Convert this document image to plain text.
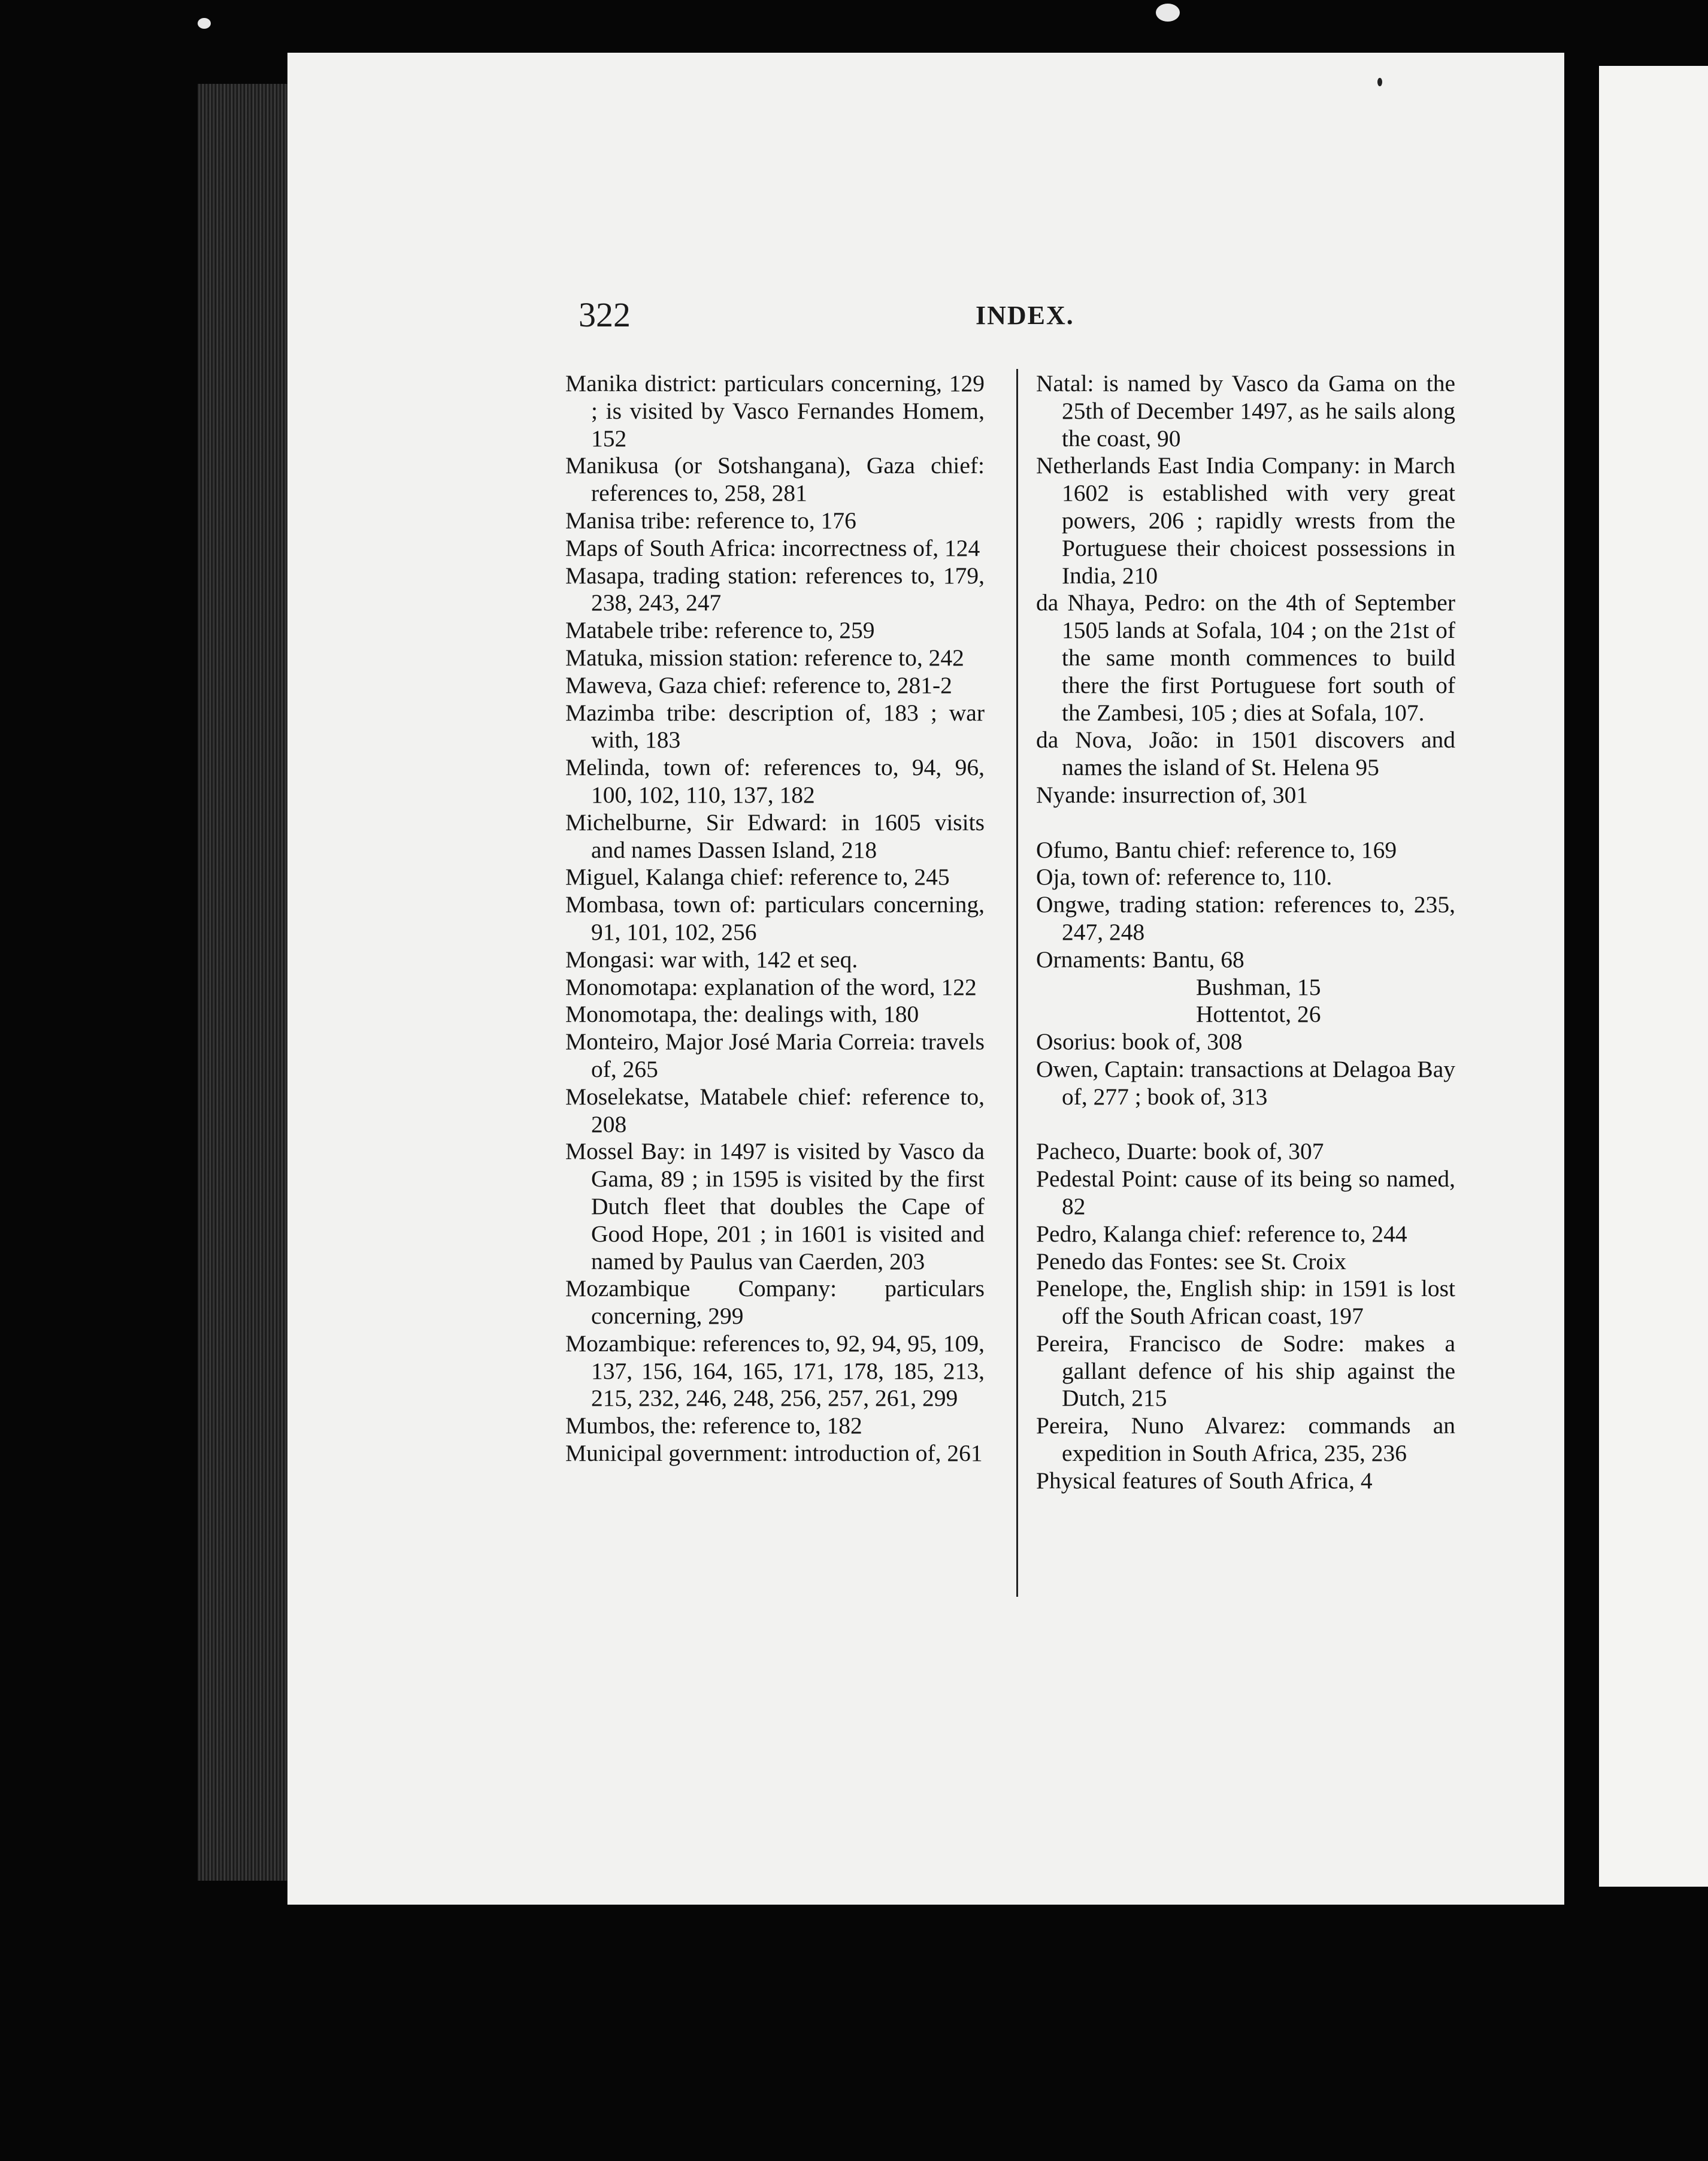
322	INDEX.

Manika district: particulars concerning, 129 ; is visited by Vasco Fernandes Homem, 152

Manikusa (or Sotshangana), Gaza chief: references to, 258, 281

Manisa tribe: reference to, 176

Maps of South Africa: incorrectness of, 124

Masapa, trading station: references to, 179, 238, 243, 247

Matabele tribe: reference to, 259

Matuka, mission station: reference to, 242

Maweva, Gaza chief: reference to, 281-2

Mazimba tribe: description of, 183 ; war with, 183

Melinda, town of: references to, 94, 96, 100, 102, 110, 137, 182

Michelburne, Sir Edward: in 1605 visits and names Dassen Island, 218

Miguel, Kalanga chief: reference to, 245

Mombasa, town of: particulars concerning, 91, 101, 102, 256

Mongasi: war with, 142 et seq.

Monomotapa: explanation of the word, 122

Monomotapa, the: dealings with, 180

Monteiro, Major José Maria Correia: travels of, 265

Moselekatse, Matabele chief: reference to, 208

Mossel Bay: in 1497 is visited by Vasco da Gama, 89 ; in 1595 is visited by the first Dutch fleet that doubles the Cape of Good Hope, 201 ; in 1601 is visited and named by Paulus van Caerden, 203

Mozambique Company: particulars concerning, 299

Mozambique: references to, 92, 94, 95, 109, 137, 156, 164, 165, 171, 178, 185, 213, 215, 232, 246, 248, 256, 257, 261, 299

Mumbos, the: reference to, 182

Municipal government: introduction of, 261

Natal: is named by Vasco da Gama on the 25th of December 1497, as he sails along the coast, 90

Netherlands East India Company: in March 1602 is established with very great powers, 206 ; rapidly wrests from the Portuguese their choicest possessions in India, 210

da Nhaya, Pedro: on the 4th of September 1505 lands at Sofala, 104 ; on the 21st of the same month commences to build there the first Portuguese fort south of the Zambesi, 105 ; dies at Sofala, 107.

da Nova, João: in 1501 discovers and names the island of St. Helena 95

Nyande: insurrection of, 301

Ofumo, Bantu chief: reference to, 169

Oja, town of: reference to, 110.

Ongwe, trading station: references to, 235, 247, 248

Ornaments: Bantu, 68

Bushman, 15

Hottentot, 26

Osorius: book of, 308

Owen, Captain: transactions at Delagoa Bay of, 277 ; book of, 313

Pacheco, Duarte: book of, 307

Pedestal Point: cause of its being so named, 82

Pedro, Kalanga chief: reference to, 244

Penedo das Fontes: see St. Croix

Penelope, the, English ship: in 1591 is lost off the South African coast, 197

Pereira, Francisco de Sodre: makes a gallant defence of his ship against the Dutch, 215

Pereira, Nuno Alvarez: commands an expedition in South Africa, 235, 236

Physical features of South Africa, 4
